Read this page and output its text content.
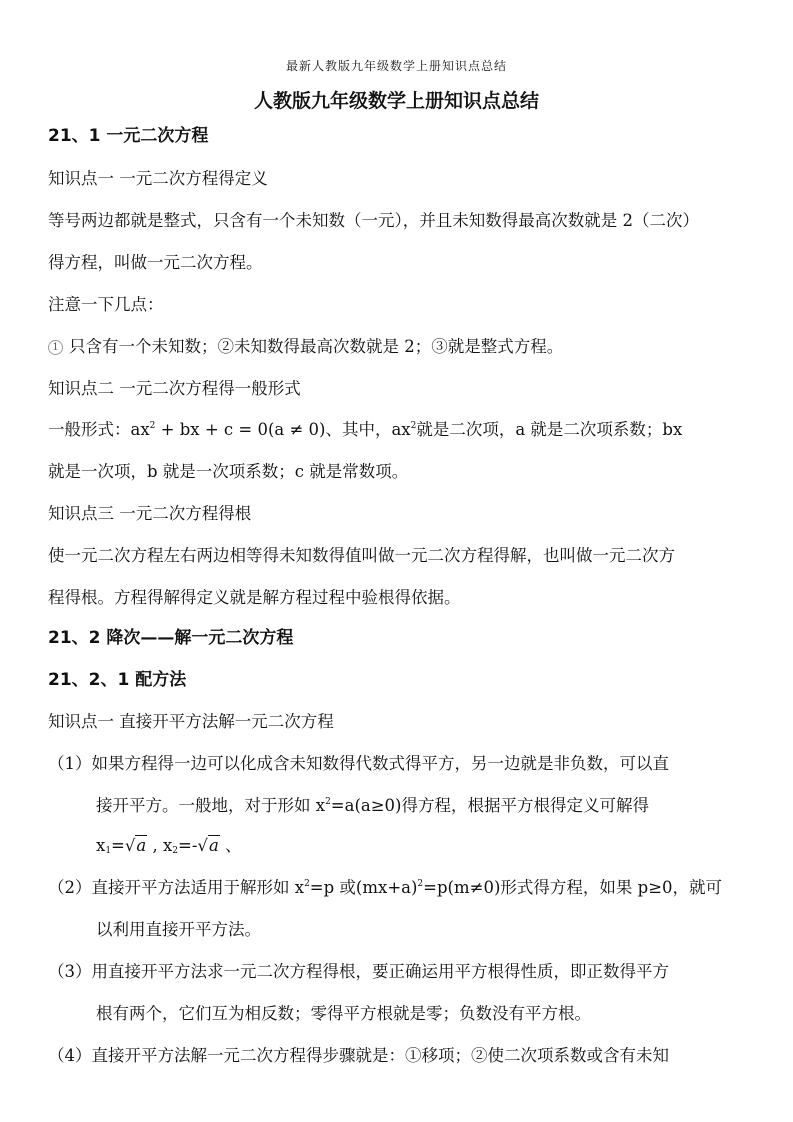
最新人教版九年级数学上册知识点总结
人教版九年级数学上册知识点总结
21、1 一元二次方程
知识点一 一元二次方程得定义
等号两边都就是整式，只含有一个未知数（一元），并且未知数得最高次数就是 2（二次）
得方程，叫做一元二次方程。
注意一下几点：
1 只含有一个未知数；②未知数得最高次数就是 2；③就是整式方程。
知识点二 一元二次方程得一般形式
一般形式：$ax^2$ + bx + c = 0(a ≠ 0)、其中，$ax^2$就是二次项，a 就是二次项系数；bx
就是一次项，b 就是一次项系数；c 就是常数项。
知识点三 一元二次方程得根
使一元二次方程左右两边相等得未知数得值叫做一元二次方程得解，也叫做一元二次方
程得根。方程得解得定义就是解方程过程中验根得依据。
21、2 降次——解一元二次方程
21、2、1 配方法
知识点一 直接开平方法解一元二次方程
（1）如果方程得一边可以化成含未知数得代数式得平方，另一边就是非负数，可以直
接开平方。一般地，对于形如 $x^2=a(a\ge 0)$得方程，根据平方根得定义可解得
$x_1=√a$ , $x_2=-√a$ 、
（2）直接开平方法适用于解形如 $x^2=p$ 或$(mx+a)^2=p(m\ne 0)$形式得方程，如果 p≥0，就可
以利用直接开平方法。
（3）用直接开平方法求一元二次方程得根，要正确运用平方根得性质，即正数得平方
根有两个，它们互为相反数；零得平方根就是零；负数没有平方根。
（4）直接开平方法解一元二次方程得步骤就是：①移项；②使二次项系数或含有未知
